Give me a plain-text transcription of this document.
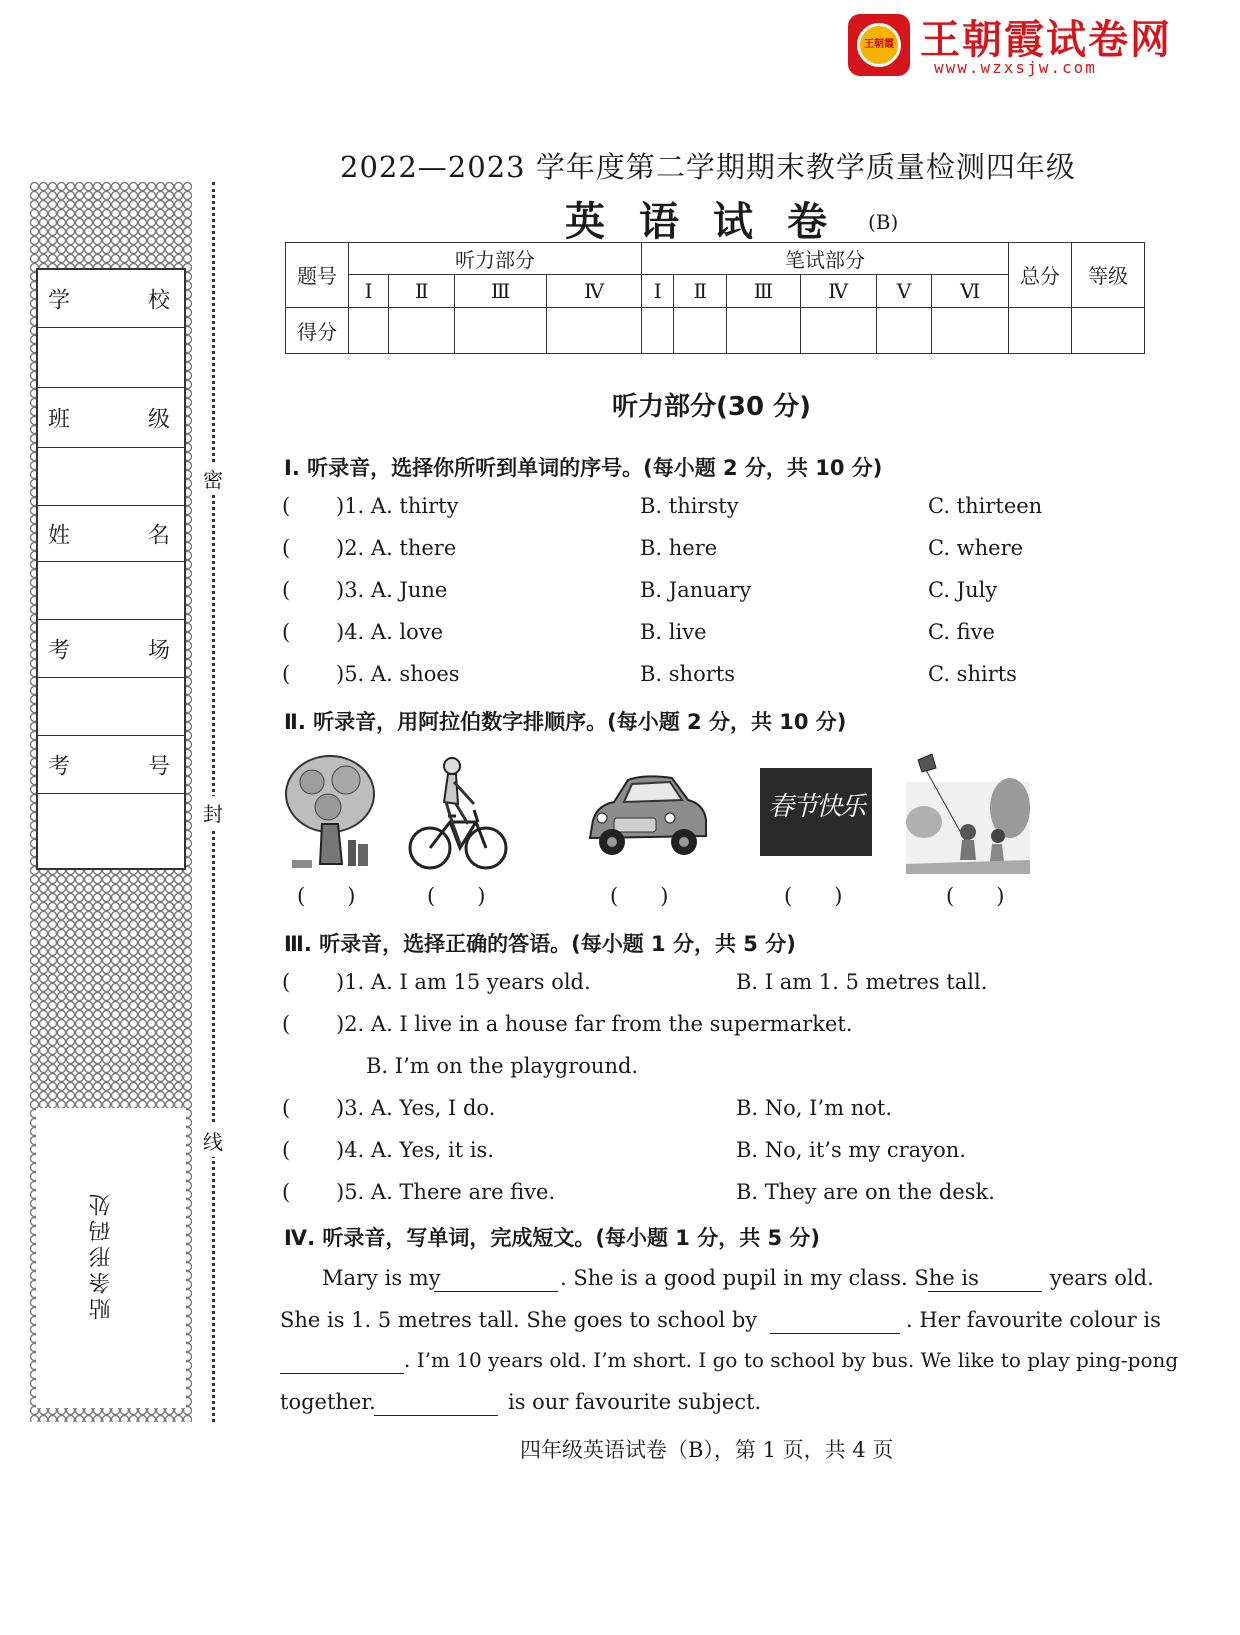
王朝霞 王朝霞试卷网
www.wzxsjw.com
学	校
班	级
姓	名
考	场
考	号
贴条形码处
密
封
线
2022—2023 学年度第二学期期末教学质量检测四年级
英语试卷 (B)
题号	听力部分				笔试部分						总分	等级
	Ⅰ	Ⅱ	Ⅲ	Ⅳ	Ⅰ	Ⅱ	Ⅲ	Ⅳ	Ⅴ	Ⅵ		
得分												
听力部分(30 分)
Ⅰ. 听录音，选择你所听到单词的序号。(每小题 2 分，共 10 分)
( )1. A. thirty	B. thirsty	C. thirteen
( )2. A. there	B. here	C. where
( )3. A. June	B. January	C. July
( )4. A. love	B. live	C. five
( )5. A. shoes	B. shorts	C. shirts
Ⅱ. 听录音，用阿拉伯数字排顺序。(每小题 2 分，共 10 分)
春节快乐
(　　)	(　　)	(　　)	(　　)	(　　)
Ⅲ. 听录音，选择正确的答语。(每小题 1 分，共 5 分)
( )1. A. I am 15 years old.	B. I am 1. 5 metres tall.
( )2. A. I live in a house far from the supermarket.
B. I’m on the playground.
( )3. A. Yes, I do.	B. No, I’m not.
( )4. A. Yes, it is.	B. No, it’s my crayon.
( )5. A. There are five.	B. They are on the desk.
Ⅳ. 听录音，写单词，完成短文。(每小题 1 分，共 5 分)
Mary is my	. She is a good pupil in my class. She is	years old.
She is 1. 5 metres tall. She goes to school by	. Her favourite colour is
. I’m 10 years old. I’m short. I go to school by bus. We like to play ping-pong
together.	is our favourite subject.
四年级英语试卷（B），第 1 页，共 4 页
